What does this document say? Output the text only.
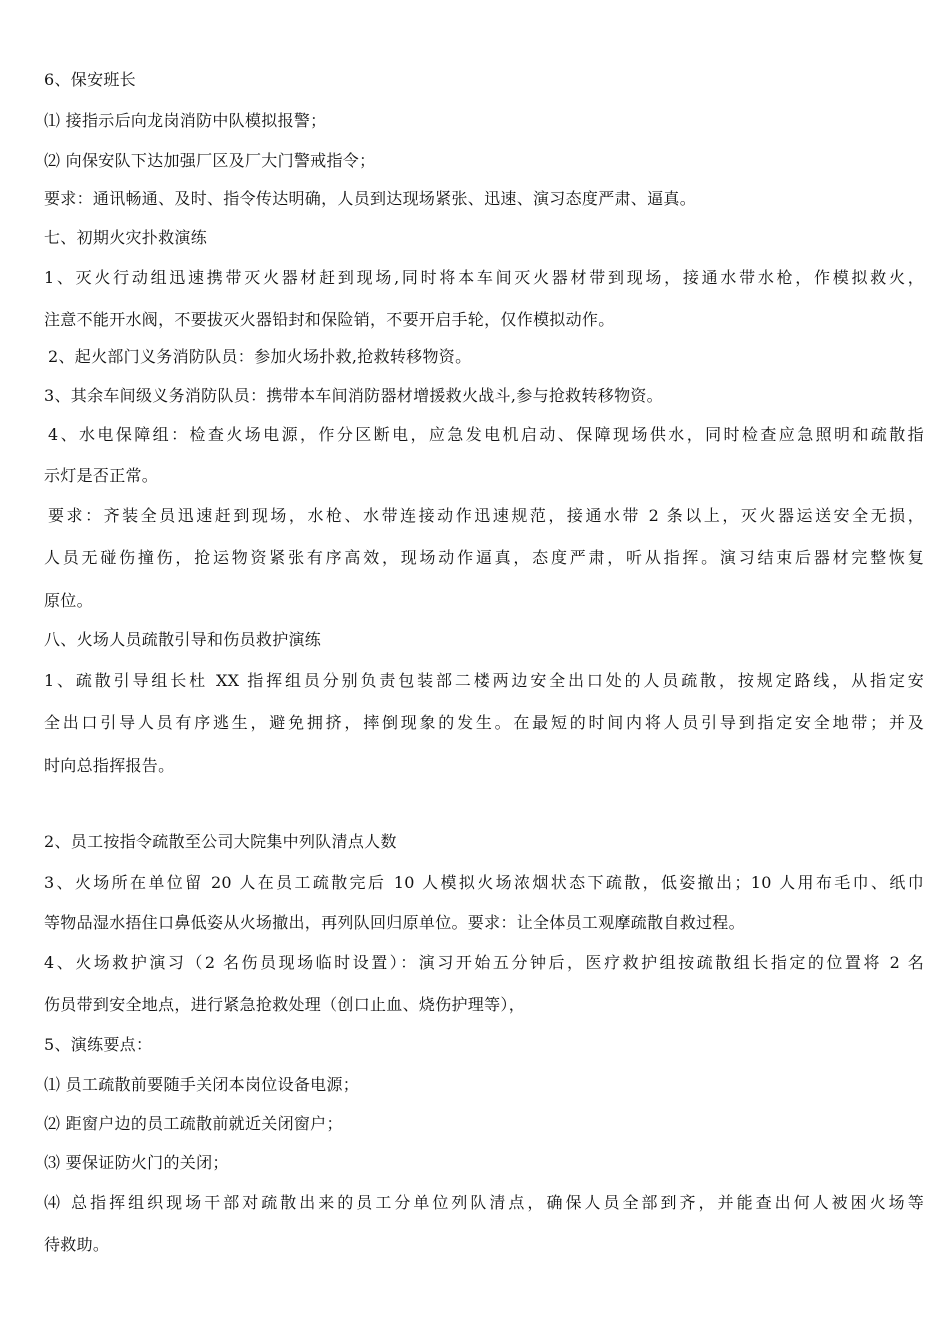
6、保安班长
⑴ 接指示后向龙岗消防中队模拟报警；
⑵ 向保安队下达加强厂区及厂大门警戒指令；
要求：通讯畅通、及时、指令传达明确，人员到达现场紧张、迅速、演习态度严肃、逼真。
七、初期火灾扑救演练
1、灭火行动组迅速携带灭火器材赶到现场,同时将本车间灭火器材带到现场，接通水带水枪，作模拟救火，
注意不能开水阀，不要拔灭火器铅封和保险销，不要开启手轮，仅作模拟动作。
2、起火部门义务消防队员：参加火场扑救,抢救转移物资。
3、其余车间级义务消防队员：携带本车间消防器材增援救火战斗,参与抢救转移物资。
4、水电保障组：检查火场电源，作分区断电，应急发电机启动、保障现场供水，同时检查应急照明和疏散指
示灯是否正常。
要求：齐装全员迅速赶到现场，水枪、水带连接动作迅速规范，接通水带 2 条以上，灭火器运送安全无损，
人员无碰伤撞伤，抢运物资紧张有序高效，现场动作逼真，态度严肃，听从指挥。演习结束后器材完整恢复
原位。
八、火场人员疏散引导和伤员救护演练
1、疏散引导组长杜 XX 指挥组员分别负责包装部二楼两边安全出口处的人员疏散，按规定路线，从指定安
全出口引导人员有序逃生，避免拥挤，摔倒现象的发生。在最短的时间内将人员引导到指定安全地带；并及
时向总指挥报告。
2、员工按指令疏散至公司大院集中列队清点人数
3、火场所在单位留 20 人在员工疏散完后 10 人模拟火场浓烟状态下疏散，低姿撤出；10 人用布毛巾、纸巾
等物品湿水捂住口鼻低姿从火场撤出，再列队回归原单位。要求：让全体员工观摩疏散自救过程。
4、火场救护演习（2 名伤员现场临时设置）：演习开始五分钟后，医疗救护组按疏散组长指定的位置将 2 名
伤员带到安全地点，进行紧急抢救处理（创口止血、烧伤护理等），
5、演练要点：
⑴ 员工疏散前要随手关闭本岗位设备电源；
⑵ 距窗户边的员工疏散前就近关闭窗户；
⑶ 要保证防火门的关闭；
⑷ 总指挥组织现场干部对疏散出来的员工分单位列队清点，确保人员全部到齐，并能查出何人被困火场等
待救助。
